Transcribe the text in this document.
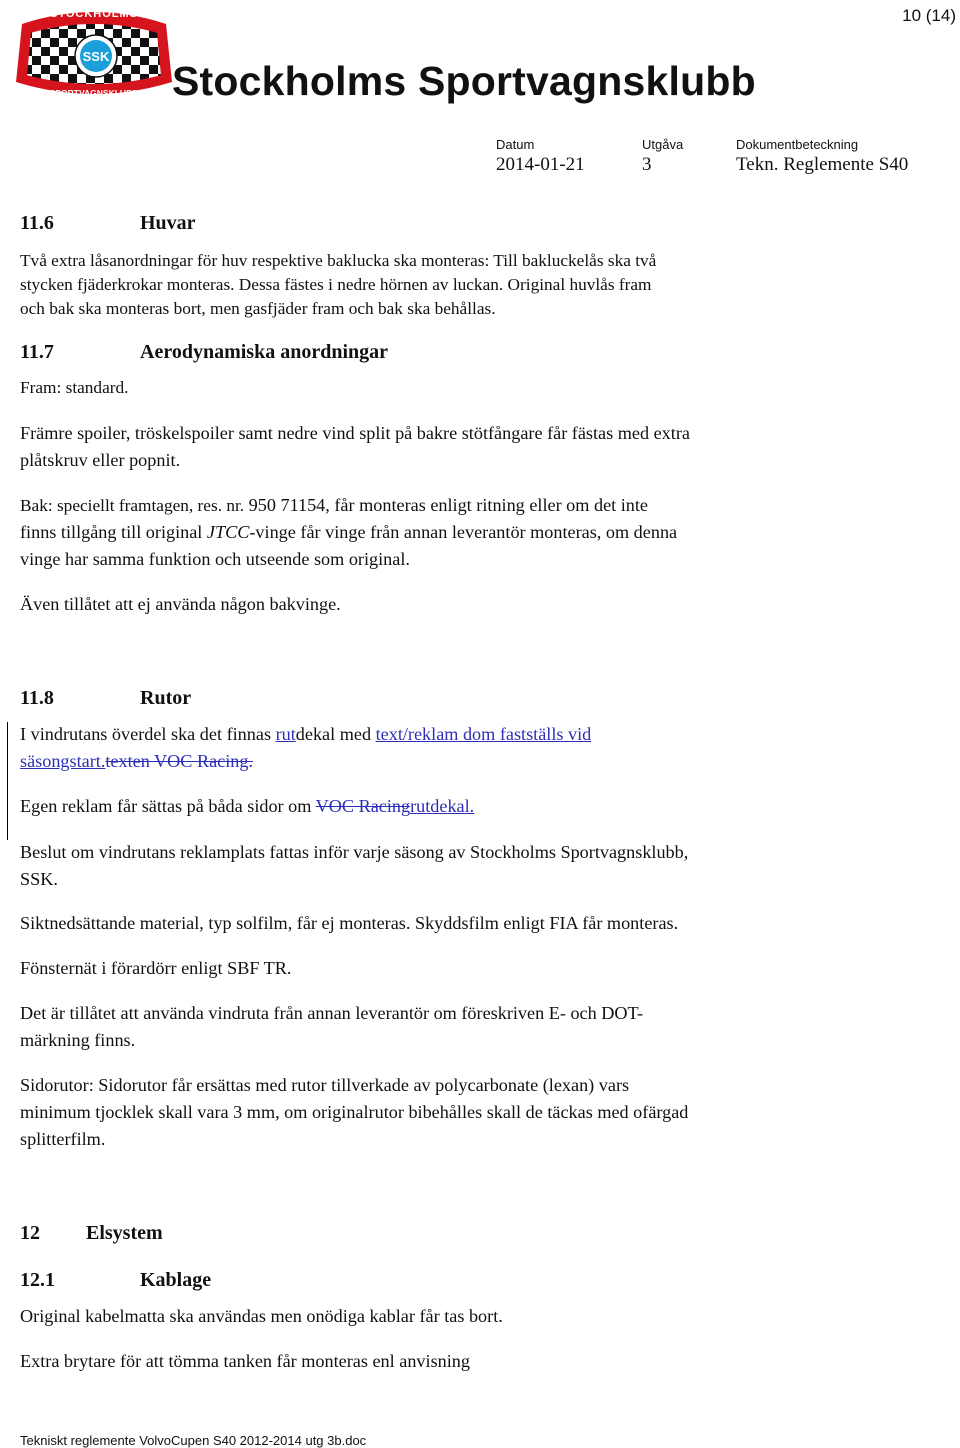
10 (14)
SSK
STOCKHOLMS
SPORTVAGNSKLUBB Stockholms Sportvagnsklubb
Datum	Utgåva	Dokumentbeteckning
2014-01-21	3	Tekn. Reglemente S40
11.6	Huvar
Två extra låsanordningar för huv respektive baklucka ska monteras: Till bakluckelås ska två
stycken fjäderkrokar monteras. Dessa fästes i nedre hörnen av luckan. Original huvlås fram
och bak ska monteras bort, men gasfjäder fram och bak ska behållas.
11.7	Aerodynamiska anordningar
Fram: standard.
Främre spoiler, tröskelspoiler samt nedre vind split på bakre stötfångare får fästas med extra
plåtskruv eller popnit.
Bak: speciellt framtagen, res. nr. 950 71154, får monteras enligt ritning eller om det inte
finns tillgång till original JTCC-vinge får vinge från annan leverantör monteras, om denna
vinge har samma funktion och utseende som original.
Även tillåtet att ej använda någon bakvinge.
11.8	Rutor
I vindrutans överdel ska det finnas rutdekal med text/reklam dom fastställs vid
säsongstart.texten VOC Racing.
Egen reklam får sättas på båda sidor om VOC Racingrutdekal.
Beslut om vindrutans reklamplats fattas inför varje säsong av Stockholms Sportvagnsklubb,
SSK.
Siktnedsättande material, typ solfilm, får ej monteras. Skyddsfilm enligt FIA får monteras.
Fönsternät i förardörr enligt SBF TR.
Det är tillåtet att använda vindruta från annan leverantör om föreskriven E- och DOT-
märkning finns.
Sidorutor: Sidorutor får ersättas med rutor tillverkade av polycarbonate (lexan) vars
minimum tjocklek skall vara 3 mm, om originalrutor bibehålles skall de täckas med ofärgad
splitterfilm.
12 Elsystem
12.1	Kablage
Original kabelmatta ska användas men onödiga kablar får tas bort.
Extra brytare för att tömma tanken får monteras enl anvisning
Tekniskt reglemente VolvoCupen S40 2012-2014 utg 3b.doc
